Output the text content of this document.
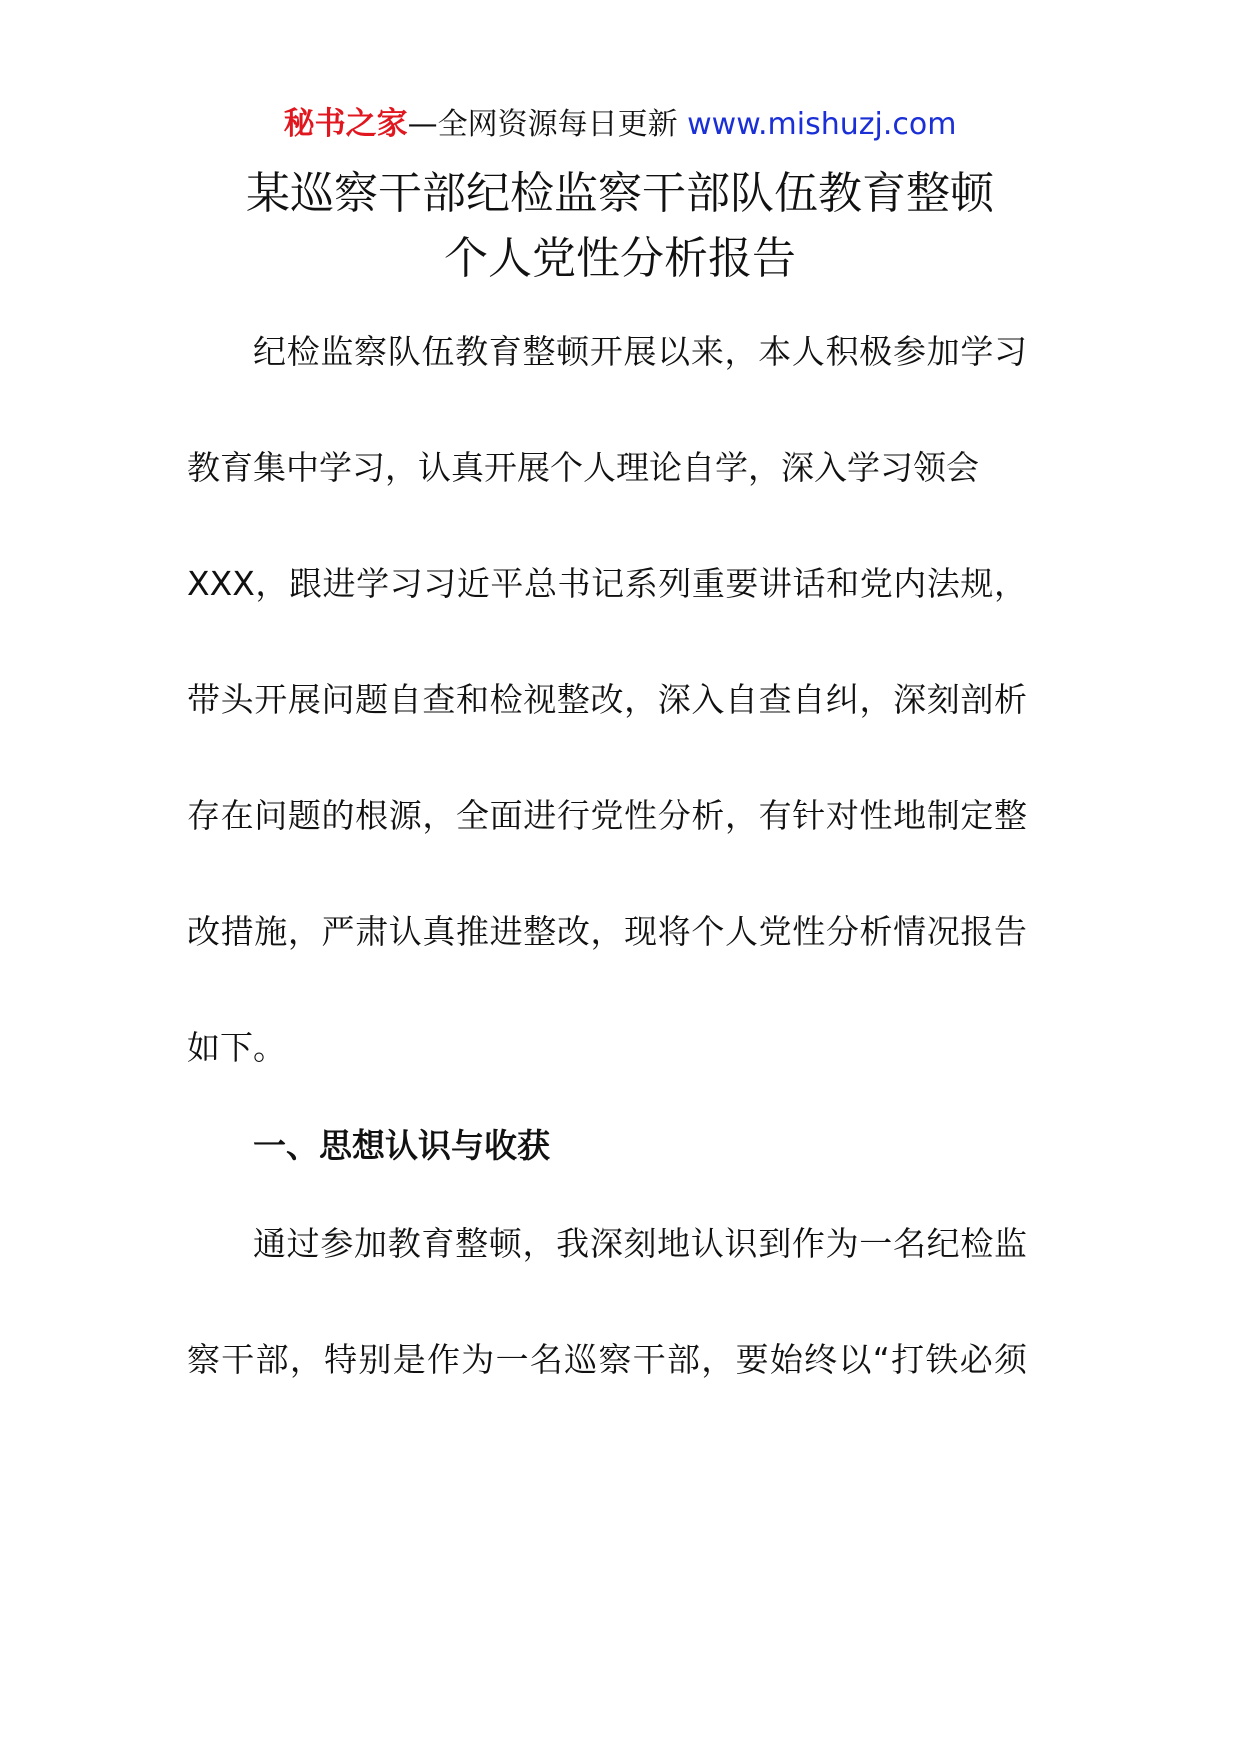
秘书之家—全网资源每日更新 www.mishuzj.com
某巡察干部纪检监察干部队伍教育整顿
个人党性分析报告
纪检监察队伍教育整顿开展以来，本人积极参加学习
教育集中学习，认真开展个人理论自学，深入学习领会
XXX，跟进学习习近平总书记系列重要讲话和党内法规，
带头开展问题自查和检视整改，深入自查自纠，深刻剖析
存在问题的根源，全面进行党性分析，有针对性地制定整
改措施，严肃认真推进整改，现将个人党性分析情况报告
如下。
一、思想认识与收获
通过参加教育整顿，我深刻地认识到作为一名纪检监
察干部，特别是作为一名巡察干部，要始终以“打铁必须
